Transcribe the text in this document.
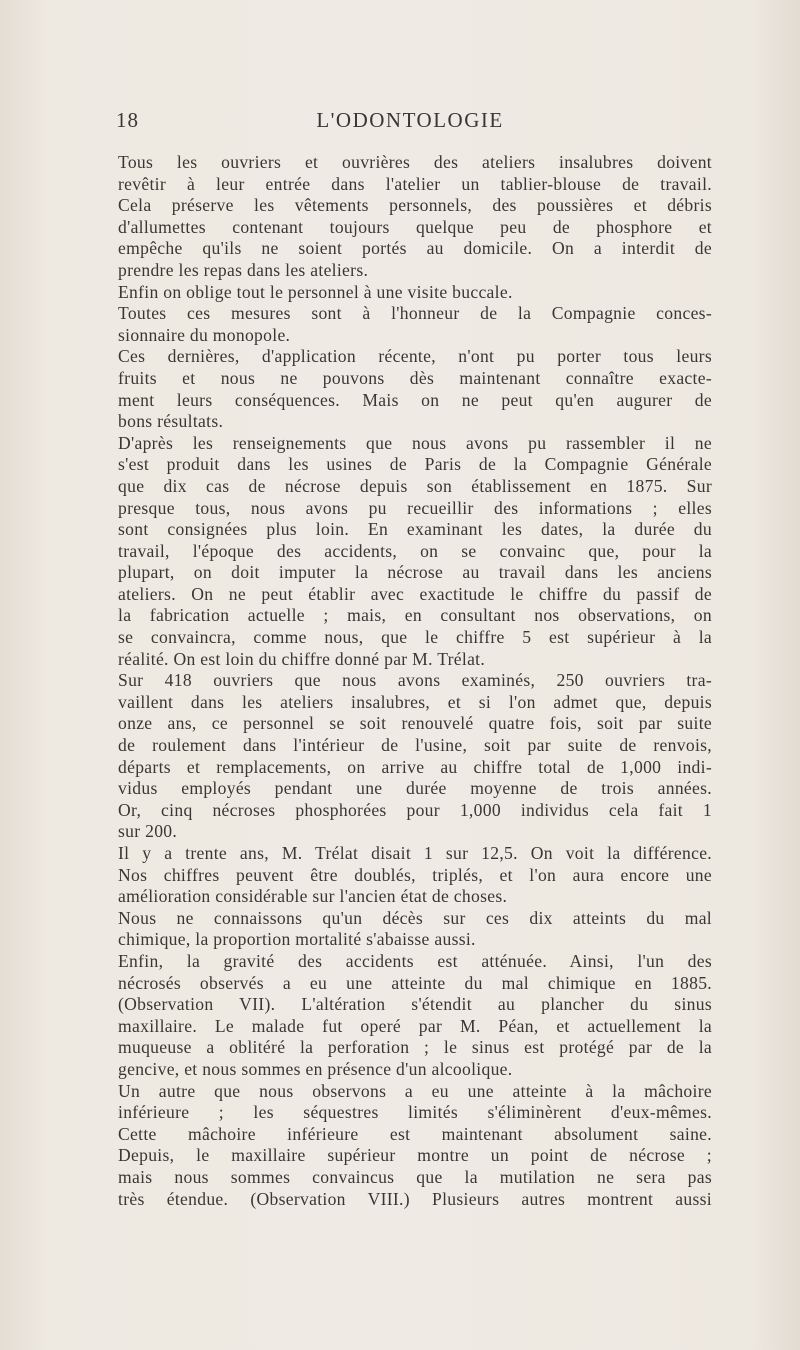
18	L'ODONTOLOGIE
Tous les ouvriers et ouvrières des ateliers insalubres doivent
revêtir à leur entrée dans l'atelier un tablier-blouse de travail.
Cela préserve les vêtements personnels, des poussières et débris
d'allumettes contenant toujours quelque peu de phosphore et
empêche qu'ils ne soient portés au domicile. On a interdit de
prendre les repas dans les ateliers.
Enfin on oblige tout le personnel à une visite buccale.
Toutes ces mesures sont à l'honneur de la Compagnie conces-
sionnaire du monopole.
Ces dernières, d'application récente, n'ont pu porter tous leurs
fruits et nous ne pouvons dès maintenant connaître exacte-
ment leurs conséquences. Mais on ne peut qu'en augurer de
bons résultats.
D'après les renseignements que nous avons pu rassembler il ne
s'est produit dans les usines de Paris de la Compagnie Générale
que dix cas de nécrose depuis son établissement en 1875. Sur
presque tous, nous avons pu recueillir des informations ; elles
sont consignées plus loin. En examinant les dates, la durée du
travail, l'époque des accidents, on se convainc que, pour la
plupart, on doit imputer la nécrose au travail dans les anciens
ateliers. On ne peut établir avec exactitude le chiffre du passif de
la fabrication actuelle ; mais, en consultant nos observations, on
se convaincra, comme nous, que le chiffre 5 est supérieur à la
réalité. On est loin du chiffre donné par M. Trélat.
Sur 418 ouvriers que nous avons examinés, 250 ouvriers tra-
vaillent dans les ateliers insalubres, et si l'on admet que, depuis
onze ans, ce personnel se soit renouvelé quatre fois, soit par suite
de roulement dans l'intérieur de l'usine, soit par suite de renvois,
départs et remplacements, on arrive au chiffre total de 1,000 indi-
vidus employés pendant une durée moyenne de trois années.
Or, cinq nécroses phosphorées pour 1,000 individus cela fait 1
sur 200.
Il y a trente ans, M. Trélat disait 1 sur 12,5. On voit la différence.
Nos chiffres peuvent être doublés, triplés, et l'on aura encore une
amélioration considérable sur l'ancien état de choses.
Nous ne connaissons qu'un décès sur ces dix atteints du mal
chimique, la proportion mortalité s'abaisse aussi.
Enfin, la gravité des accidents est atténuée. Ainsi, l'un des
nécrosés observés a eu une atteinte du mal chimique en 1885.
(Observation VII). L'altération s'étendit au plancher du sinus
maxillaire. Le malade fut operé par M. Péan, et actuellement la
muqueuse a oblitéré la perforation ; le sinus est protégé par de la
gencive, et nous sommes en présence d'un alcoolique.
Un autre que nous observons a eu une atteinte à la mâchoire
inférieure ; les séquestres limités s'éliminèrent d'eux-mêmes.
Cette mâchoire inférieure est maintenant absolument saine.
Depuis, le maxillaire supérieur montre un point de nécrose ;
mais nous sommes convaincus que la mutilation ne sera pas
très étendue. (Observation VIII.) Plusieurs autres montrent aussi
